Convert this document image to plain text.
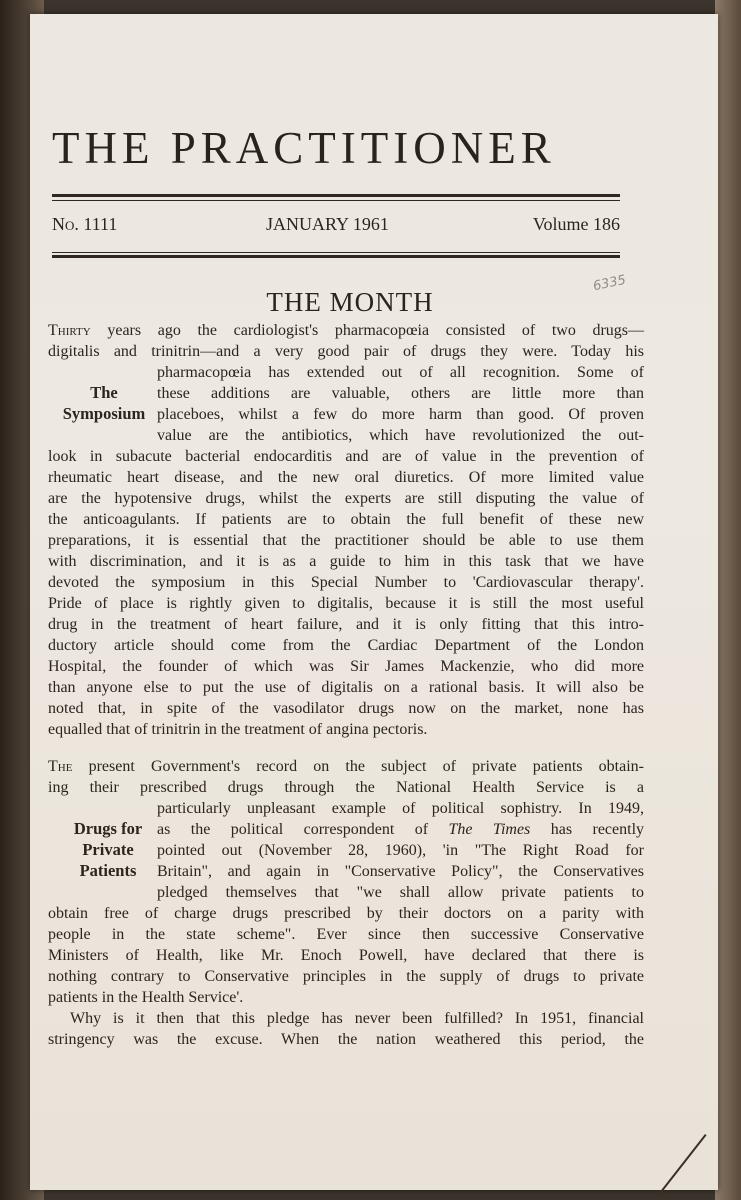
THE PRACTITIONER
No. 1111	JANUARY 1961	Volume 186
6335
THE MONTH
The
Symposium
Thirty years ago the cardiologist's pharmacopœia consisted of two drugs—
digitalis and trinitrin—and a very good pair of drugs they were. Today his
pharmacopœia has extended out of all recognition. Some of
these additions are valuable, others are little more than
placeboes, whilst a few do more harm than good. Of proven
value are the antibiotics, which have revolutionized the out-
look in subacute bacterial endocarditis and are of value in the prevention of
rheumatic heart disease, and the new oral diuretics. Of more limited value
are the hypotensive drugs, whilst the experts are still disputing the value of
the anticoagulants. If patients are to obtain the full benefit of these new
preparations, it is essential that the practitioner should be able to use them
with discrimination, and it is as a guide to him in this task that we have
devoted the symposium in this Special Number to 'Cardiovascular therapy'.
Pride of place is rightly given to digitalis, because it is still the most useful
drug in the treatment of heart failure, and it is only fitting that this intro-
ductory article should come from the Cardiac Department of the London
Hospital, the founder of which was Sir James Mackenzie, who did more
than anyone else to put the use of digitalis on a rational basis. It will also be
noted that, in spite of the vasodilator drugs now on the market, none has
equalled that of trinitrin in the treatment of angina pectoris.
Drugs for
Private
Patients
The present Government's record on the subject of private patients obtain-
ing their prescribed drugs through the National Health Service is a
particularly unpleasant example of political sophistry. In 1949,
as the political correspondent of The Times has recently
pointed out (November 28, 1960), 'in "The Right Road for
Britain", and again in "Conservative Policy", the Conservatives
pledged themselves that "we shall allow private patients to
obtain free of charge drugs prescribed by their doctors on a parity with
people in the state scheme". Ever since then successive Conservative
Ministers of Health, like Mr. Enoch Powell, have declared that there is
nothing contrary to Conservative principles in the supply of drugs to private
patients in the Health Service'.
Why is it then that this pledge has never been fulfilled? In 1951, financial
stringency was the excuse. When the nation weathered this period, the
